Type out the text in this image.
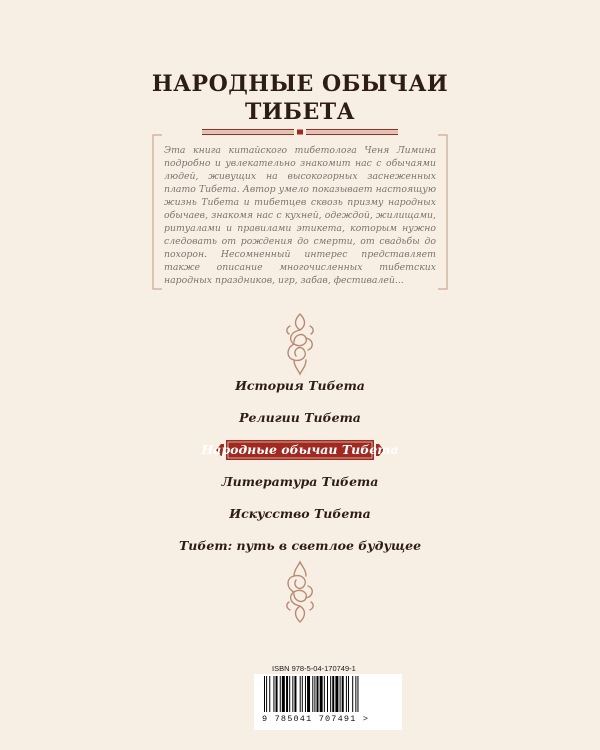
НАРОДНЫЕ ОБЫЧАИ
ТИБЕТА

Эта книга китайского тибетолога Ченя Лимина подробно и увлекательно знакомит нас с обычаями людей, живущих на высокогорных заснеженных плато Тибета. Автор умело показывает настоящую жизнь Тибета и тибетцев сквозь призму народных обычаев, знакомя нас с кухней, одеждой, жилищами, ритуалами и правилами этикета, которым нужно следовать от рождения до смерти, от свадьбы до похорон. Несомненный интерес представляет также описание многочисленных тибетских народных праздников, игр, забав, фестивалей...

История Тибета
Религии Тибета
Народные обычаи Тибета
Литература Тибета
Искусство Тибета
Тибет: путь в светлое будущее
ISBN 978-5-04-170749-1
9 785041 707491 >
